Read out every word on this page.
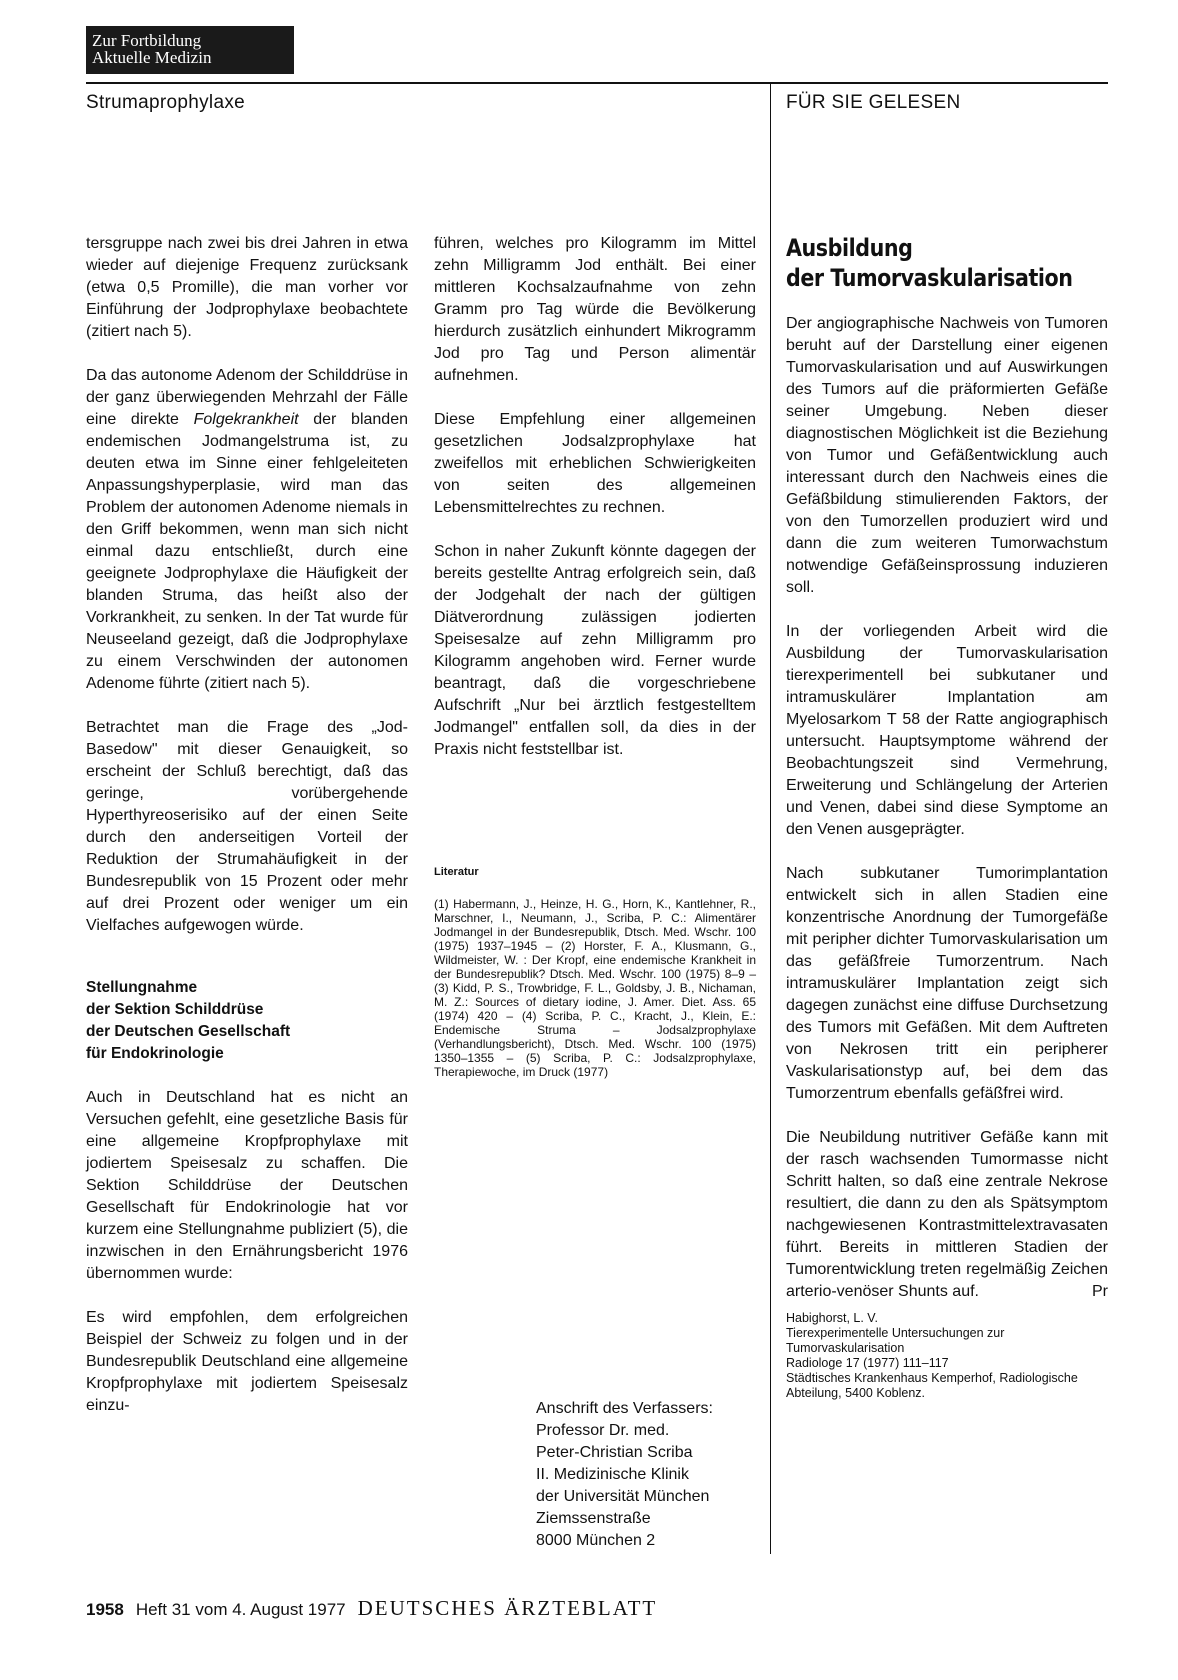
Zur Fortbildung
Aktuelle Medizin
Strumaprophylaxe	FÜR SIE GELESEN

tersgruppe nach zwei bis drei Jahren in etwa wieder auf diejenige Frequenz zurücksank (etwa 0,5 Promille), die man vorher vor Einführung der Jodprophylaxe beobachtete (zitiert nach 5).

Da das autonome Adenom der Schilddrüse in der ganz überwiegenden Mehrzahl der Fälle eine direkte Folgekrankheit der blanden endemischen Jodmangelstruma ist, zu deuten etwa im Sinne einer fehlgeleiteten Anpassungshyperplasie, wird man das Problem der autonomen Adenome niemals in den Griff bekommen, wenn man sich nicht einmal dazu entschließt, durch eine geeignete Jodprophylaxe die Häufigkeit der blanden Struma, das heißt also der Vorkrankheit, zu senken. In der Tat wurde für Neuseeland gezeigt, daß die Jodprophylaxe zu einem Verschwinden der autonomen Adenome führte (zitiert nach 5).

Betrachtet man die Frage des „Jod-Basedow" mit dieser Genauigkeit, so erscheint der Schluß berechtigt, daß das geringe, vorübergehende Hyperthyreoserisiko auf der einen Seite durch den anderseitigen Vorteil der Reduktion der Strumahäufigkeit in der Bundesrepublik von 15 Prozent oder mehr auf drei Prozent oder weniger um ein Vielfaches aufgewogen würde.

Stellungnahme
der Sektion Schilddrüse
der Deutschen Gesellschaft
für Endokrinologie

Auch in Deutschland hat es nicht an Versuchen gefehlt, eine gesetzliche Basis für eine allgemeine Kropfprophylaxe mit jodiertem Speisesalz zu schaffen. Die Sektion Schilddrüse der Deutschen Gesellschaft für Endokrinologie hat vor kurzem eine Stellungnahme publiziert (5), die inzwischen in den Ernährungsbericht 1976 übernommen wurde:

Es wird empfohlen, dem erfolgreichen Beispiel der Schweiz zu folgen und in der Bundesrepublik Deutschland eine allgemeine Kropfprophylaxe mit jodiertem Speisesalz einzu-

führen, welches pro Kilogramm im Mittel zehn Milligramm Jod enthält. Bei einer mittleren Kochsalzaufnahme von zehn Gramm pro Tag würde die Bevölkerung hierdurch zusätzlich einhundert Mikrogramm Jod pro Tag und Person alimentär aufnehmen.

Diese Empfehlung einer allgemeinen gesetzlichen Jodsalzprophylaxe hat zweifellos mit erheblichen Schwierigkeiten von seiten des allgemeinen Lebensmittelrechtes zu rechnen.

Schon in naher Zukunft könnte dagegen der bereits gestellte Antrag erfolgreich sein, daß der Jodgehalt der nach der gültigen Diätverordnung zulässigen jodierten Speisesalze auf zehn Milligramm pro Kilogramm angehoben wird. Ferner wurde beantragt, daß die vorgeschriebene Aufschrift „Nur bei ärztlich festgestelltem Jodmangel" entfallen soll, da dies in der Praxis nicht feststellbar ist.

Literatur
(1) Habermann, J., Heinze, H. G., Horn, K., Kantlehner, R., Marschner, I., Neumann, J., Scriba, P. C.: Alimentärer Jodmangel in der Bundesrepublik, Dtsch. Med. Wschr. 100 (1975) 1937–1945 – (2) Horster, F. A., Klusmann, G., Wildmeister, W. : Der Kropf, eine endemische Krankheit in der Bundesrepublik? Dtsch. Med. Wschr. 100 (1975) 8–9 – (3) Kidd, P. S., Trowbridge, F. L., Goldsby, J. B., Nichaman, M. Z.: Sources of dietary iodine, J. Amer. Diet. Ass. 65 (1974) 420 – (4) Scriba, P. C., Kracht, J., Klein, E.: Endemische Struma – Jodsalzprophylaxe (Verhandlungsbericht), Dtsch. Med. Wschr. 100 (1975) 1350–1355 – (5) Scriba, P. C.: Jodsalzprophylaxe, Therapiewoche, im Druck (1977)
Anschrift des Verfassers:
Professor Dr. med.
Peter-Christian Scriba
II. Medizinische Klinik
der Universität München
Ziemssenstraße
8000 München 2
Ausbildung
der Tumorvaskularisation

Der angiographische Nachweis von Tumoren beruht auf der Darstellung einer eigenen Tumorvaskularisation und auf Auswirkungen des Tumors auf die präformierten Gefäße seiner Umgebung. Neben dieser diagnostischen Möglichkeit ist die Beziehung von Tumor und Gefäßentwicklung auch interessant durch den Nachweis eines die Gefäßbildung stimulierenden Faktors, der von den Tumorzellen produziert wird und dann die zum weiteren Tumorwachstum notwendige Gefäßeinsprossung induzieren soll.

In der vorliegenden Arbeit wird die Ausbildung der Tumorvaskularisation tierexperimentell bei subkutaner und intramuskulärer Implantation am Myelosarkom T 58 der Ratte angiographisch untersucht. Hauptsymptome während der Beobachtungszeit sind Vermehrung, Erweiterung und Schlängelung der Arterien und Venen, dabei sind diese Symptome an den Venen ausgeprägter.

Nach subkutaner Tumorimplantation entwickelt sich in allen Stadien eine konzentrische Anordnung der Tumorgefäße mit peripher dichter Tumorvaskularisation um das gefäßfreie Tumorzentrum. Nach intramuskulärer Implantation zeigt sich dagegen zunächst eine diffuse Durchsetzung des Tumors mit Gefäßen. Mit dem Auftreten von Nekrosen tritt ein peripherer Vaskularisationstyp auf, bei dem das Tumorzentrum ebenfalls gefäßfrei wird.

Die Neubildung nutritiver Gefäße kann mit der rasch wachsenden Tumormasse nicht Schritt halten, so daß eine zentrale Nekrose resultiert, die dann zu den als Spätsymptom nachgewiesenen Kontrastmittelextravasaten führt. Bereits in mittleren Stadien der Tumorentwicklung treten regelmäßig Zeichen arterio-venöser Shunts auf.	Pr
Habighorst, L. V.
Tierexperimentelle Untersuchungen zur Tumorvaskularisation
Radiologe 17 (1977) 111–117
Städtisches Krankenhaus Kemperhof, Radiologische Abteilung, 5400 Koblenz.
1958 Heft 31 vom 4. August 1977 DEUTSCHES ÄRZTEBLATT
